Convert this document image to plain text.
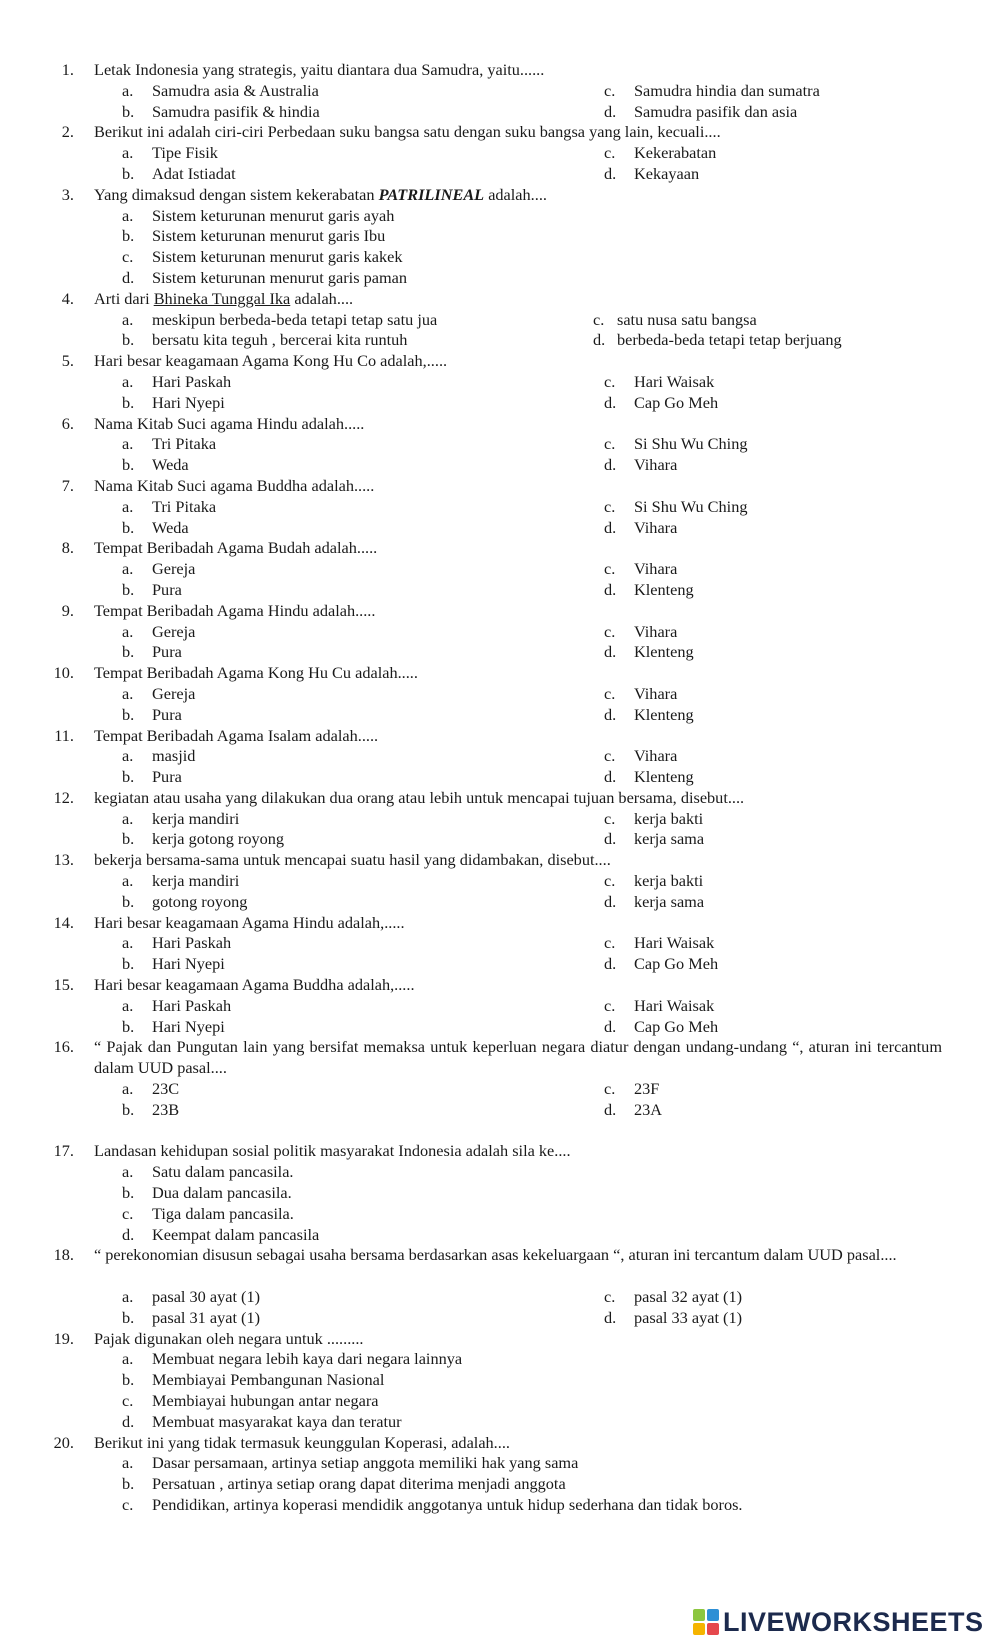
1. Letak Indonesia yang strategis, yaitu diantara dua Samudra, yaitu......
a. Samudra asia & Australia	c. Samudra hindia dan sumatra
b. Samudra pasifik & hindia	d. Samudra pasifik dan asia
2. Berikut ini adalah ciri-ciri Perbedaan suku bangsa satu dengan suku bangsa yang lain, kecuali....
a. Tipe Fisik	c. Kekerabatan
b. Adat Istiadat	d. Kekayaan
3. Yang dimaksud dengan sistem kekerabatan PATRILINEAL adalah....
a. Sistem keturunan menurut garis ayah
b. Sistem keturunan menurut garis Ibu
c. Sistem keturunan menurut garis kakek
d. Sistem keturunan menurut garis paman
4. Arti dari Bhineka Tunggal Ika adalah....
a. meskipun berbeda-beda tetapi tetap satu jua	c. satu nusa satu bangsa
b. bersatu kita teguh , bercerai kita runtuh	d. berbeda-beda tetapi tetap berjuang
5. Hari besar keagamaan Agama Kong Hu Co adalah,.....
a. Hari Paskah	c. Hari Waisak
b. Hari Nyepi	d. Cap Go Meh
6. Nama Kitab Suci agama Hindu adalah.....
a. Tri Pitaka	c. Si Shu Wu Ching
b. Weda	d. Vihara
7. Nama Kitab Suci agama Buddha adalah.....
a. Tri Pitaka	c. Si Shu Wu Ching
b. Weda	d. Vihara
8. Tempat Beribadah Agama Budah adalah.....
a. Gereja	c. Vihara
b. Pura	d. Klenteng
9. Tempat Beribadah Agama Hindu adalah.....
a. Gereja	c. Vihara
b. Pura	d. Klenteng
10. Tempat Beribadah Agama Kong Hu Cu adalah.....
a. Gereja	c. Vihara
b. Pura	d. Klenteng
11. Tempat Beribadah Agama Isalam adalah.....
a. masjid	c. Vihara
b. Pura	d. Klenteng
12. kegiatan atau usaha yang dilakukan dua orang atau lebih untuk mencapai tujuan bersama, disebut....
a. kerja mandiri	c. kerja bakti
b. kerja gotong royong	d. kerja sama
13. bekerja bersama-sama untuk mencapai suatu hasil yang didambakan, disebut....
a. kerja mandiri	c. kerja bakti
b. gotong royong	d. kerja sama
14. Hari besar keagamaan Agama Hindu adalah,.....
a. Hari Paskah	c. Hari Waisak
b. Hari Nyepi	d. Cap Go Meh
15. Hari besar keagamaan Agama Buddha adalah,.....
a. Hari Paskah	c. Hari Waisak
b. Hari Nyepi	d. Cap Go Meh
16. “ Pajak dan Pungutan lain yang bersifat memaksa untuk keperluan negara diatur dengan undang-undang “, aturan ini tercantum dalam UUD pasal....
a. 23C	c. 23F
b. 23B	d. 23A
17. Landasan kehidupan sosial politik masyarakat Indonesia adalah sila ke....
a. Satu dalam pancasila.
b. Dua dalam pancasila.
c. Tiga dalam pancasila.
d. Keempat dalam pancasila
18. “ perekonomian disusun sebagai usaha bersama berdasarkan asas kekeluargaan “, aturan ini tercantum dalam UUD pasal....
a. pasal 30 ayat (1)	c. pasal 32 ayat (1)
b. pasal 31 ayat (1)	d. pasal 33 ayat (1)
19. Pajak digunakan oleh negara untuk .........
a. Membuat negara lebih kaya dari negara lainnya
b. Membiayai Pembangunan Nasional
c. Membiayai hubungan antar negara
d. Membuat masyarakat kaya dan teratur
20. Berikut ini yang tidak termasuk keunggulan Koperasi, adalah....
a. Dasar persamaan, artinya setiap anggota memiliki hak yang sama
b. Persatuan , artinya setiap orang dapat diterima menjadi anggota
c. Pendidikan, artinya koperasi mendidik anggotanya untuk hidup sederhana dan tidak boros.
LIVEWORKSHEETS
